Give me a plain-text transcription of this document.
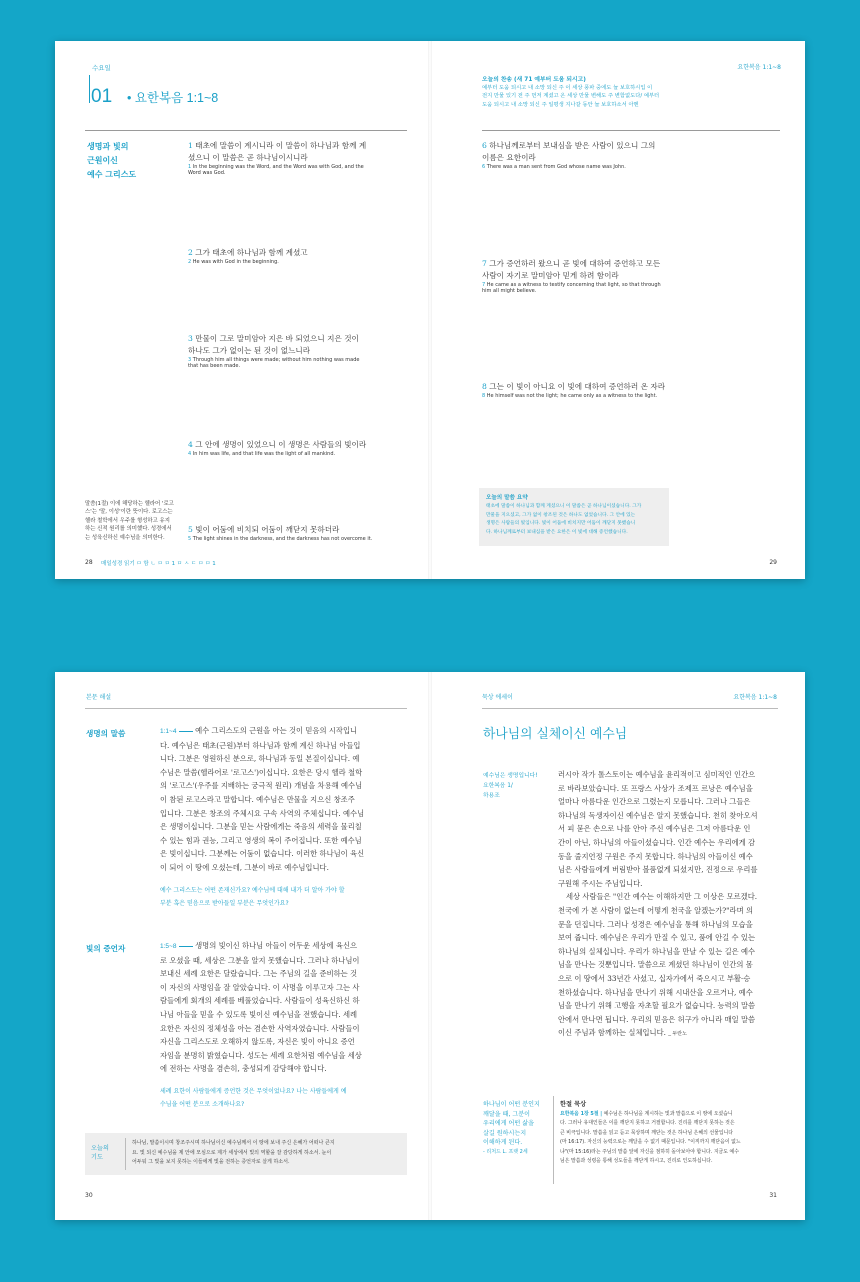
수요일
01 • 요한복음 1:1~8
생명과 빛의
근원이신
예수 그리스도
1 태초에 말씀이 계시니라 이 말씀이 하나님과 함께 계
셨으니 이 말씀은 곧 하나님이시니라
1 In the beginning was the Word, and the Word was with God, and the
Word was God.
2 그가 태초에 하나님과 함께 계셨고
2 He was with God in the beginning.
3 만물이 그로 말미암아 지은 바 되었으니 지은 것이
하나도 그가 없이는 된 것이 없느니라
3 Through him all things were made; without him nothing was made
that has been made.
4 그 안에 생명이 있었으니 이 생명은 사람들의 빛이라
4 In him was life, and that life was the light of all mankind.
말씀(1절) 이에 해당하는 헬라어 '로고
스'는 '말, 이성'이란 뜻이다. 로고스는
헬라 철학에서 우주를 형성하고 유지
하는 신적 원리를 의미했다. 성경에서
는 성육신하신 예수님을 의미한다.
5 빛이 어둠에 비치되 어둠이 깨닫지 못하더라
5 The light shines in the darkness, and the darkness has not overcome it.
28 매일성경 읽기 ㅁ 함 ㄴ ㅁ ㅁ 1 ㅁ ㅅ ㄷ ㅁ ㅁ 1
요한복음 1:1~8
오늘의 찬송 (새 71 예부터 도움 되시고)
예부터 도움 되시고 내 소망 되신 주 이 세상 풍파 중에도 늘 보호하시입 이
전지 만물 있기 전 주 먼저 계셨고 온 세상 만물 변해도 주 변함없도다/ 예부터
도움 되시고 내 소망 되신 주 일평생 지나갈 동안 늘 보호하소서 아멘
6 하나님께로부터 보내심을 받은 사람이 있으니 그의
이름은 요한이라
6 There was a man sent from God whose name was John.
7 그가 증언하러 왔으니 곧 빛에 대하여 증언하고 모든
사람이 자기로 말미암아 믿게 하려 함이라
7 He came as a witness to testify concerning that light, so that through
him all might believe.
8 그는 이 빛이 아니요 이 빛에 대하여 증언하러 온 자라
8 He himself was not the light; he came only as a witness to the light.
오늘의 말씀 요약
태초에 말씀이 하나님과 함께 계셨으니 이 말씀은 곧 하나님이셨습니다. 그가
만물을 지으셨고, 그가 없이 창조된 것은 하나도 없었습니다. 그 안에 있는
생명은 사람들의 빛입니다. 빛이 어둠에 비치지만 어둠이 깨닫지 못했습니
다. 하나님께로부터 보내심을 받은 요한은 이 빛에 대해 증언했습니다.
29
본문 해설
생명의 말씀	1:1~4	예수 그리스도의 근원을 아는 것이 믿음의 시작입니
다. 예수님은 태초(근원)부터 하나님과 함께 계신 하나님 아들입
니다. 그분은 영원하신 분으로, 하나님과 동일 본질이십니다. 예
수님은 말씀(헬라어로 '로고스')이십니다. 요한은 당시 헬라 철학
의 '로고스'(우주를 지배하는 궁극적 원리) 개념을 차용해 예수님
이 참된 로고스라고 말합니다. 예수님은 만물을 지으신 창조주
입니다. 그분은 창조의 주체시요 구속 사역의 주체십니다. 예수님
은 생명이십니다. 그분을 믿는 사람에게는 죽음의 세력을 물리칠
수 있는 힘과 권능, 그리고 영생의 복이 주어집니다. 또한 예수님
은 빛이십니다. 그분께는 어둠이 없습니다. 이러한 하나님이 육신
이 되어 이 땅에 오셨는데, 그분이 바로 예수님입니다.
예수 그리스도는 어떤 존재신가요? 예수님에 대해 내가 더 알아 가야 할
부분 혹은 믿음으로 받아들일 부분은 무엇인가요?
빛의 증언자	1:5~8	생명의 빛이신 하나님 아들이 어두운 세상에 육신으
로 오셨을 때, 세상은 그분을 알지 못했습니다. 그러나 하나님이
보내신 세례 요한은 달랐습니다. 그는 주님의 길을 준비하는 것
이 자신의 사명임을 잘 알았습니다. 이 사명을 이루고자 그는 사
람들에게 회개의 세례를 베풀었습니다. 사람들이 성육신하신 하
나님 아들을 믿을 수 있도록 빛이신 예수님을 전했습니다. 세례
요한은 자신의 정체성을 아는 겸손한 사역자였습니다. 사람들이
자신을 그리스도로 오해하지 않도록, 자신은 빛이 아니요 증언
자임을 분명히 밝혔습니다. 성도는 세례 요한처럼 예수님을 세상
에 전하는 사명을 겸손히, 충성되게 감당해야 합니다.
세례 요한이 사람들에게 증언한 것은 무엇이었나요? 나는 사람들에게 예
수님을 어떤 분으로 소개하나요?
오늘의
기도
하나님, 말씀이시며 창조주시며 하나님이신 예수님께서 이 땅에 보내 주신 은혜가 어떠나 큰지
요. 빛 되신 예수님을 제 안에 모심으로 제가 세상에서 빛의 역할을 잘 감당하게 하소서. 눈이
어두워 그 빛을 보지 못하는 이들에게 빛을 전하는 증언자로 살게 하소서.
30
묵상 에세이	요한복음 1:1~8
하나님의 실체이신 예수님
예수님은 생명입니다!
요한복음 1/
하용조
러시아 작가 톨스토이는 예수님을 윤리적이고 심미적인 인간으
로 바라보았습니다. 또 프랑스 사상가 조제프 르낭은 예수님을
얼마나 아름다운 인간으로 그렸는지 모릅니다. 그러나 그들은
하나님의 독생자이신 예수님은 알지 못했습니다. 천히 찾아오셔
서 피 묻은 손으로 나를 안아 주신 예수님은 그저 아름다운 인
간이 아닌, 하나님의 아들이셨습니다. 인간 예수는 우리에게 감
동을 줄지언정 구원은 주지 못합니다. 하나님의 아들이신 예수
님은 사람들에게 버림받아 볼품없게 되셨지만, 진정으로 우리를
구원해 주시는 주님입니다.
세상 사람들은 "인간 예수는 이해하지만 그 이상은 모르겠다.
천국에 가 본 사람이 없는데 어떻게 천국을 알겠는가?"라며 의
문을 던집니다. 그러나 성경은 예수님을 통해 하나님의 모습을
보여 줍니다. 예수님은 우리가 만질 수 있고, 품에 안길 수 있는
하나님의 실체십니다. 우리가 하나님을 만날 수 있는 길은 예수
님을 만나는 것뿐입니다. 말씀으로 계셨던 하나님이 인간의 몸
으로 이 땅에서 33년간 사셨고, 십자가에서 죽으시고 부활·승
천하셨습니다. 하나님을 만나기 위해 시내산을 오르거나, 예수
님을 만나기 위해 고행을 자초할 필요가 없습니다. 능력의 말씀
안에서 만나면 됩니다. 우리의 믿음은 허구가 아니라 매일 말씀
이신 주님과 함께하는 실체입니다. _ 두란노
하나님이 어떤 분인지
깨달을 때, 그분이
우리에게 어떤 삶을
살길 원하시는지
이해하게 된다.
- 리처드 L. 프랫 2세
한절 묵상
요한복음 1장 5절 | 예수님은 하나님을 계시하는 빛과 말씀으로 이 땅에 오셨습니
다. 그러나 유대인들은 이를 깨닫지 못하고 거절합니다. 진리를 깨닫지 못하는 것은
큰 비극입니다. 말씀을 읽고 듣고 묵상하며 깨닫는 것은 하나님 은혜의 선물입니다
(마 16:17). 자신의 능력으로는 깨달을 수 없기 때문입니다. "이직까지 깨닫음이 없느
냐"(마 15:16)라는 주님의 말씀 앞에 자신을 점하히 돌아보아야 합니다. 지금도 예수
님은 말씀과 성령을 통해 성도들을 깨닫게 하시고, 진리로 인도하십니다.
31
